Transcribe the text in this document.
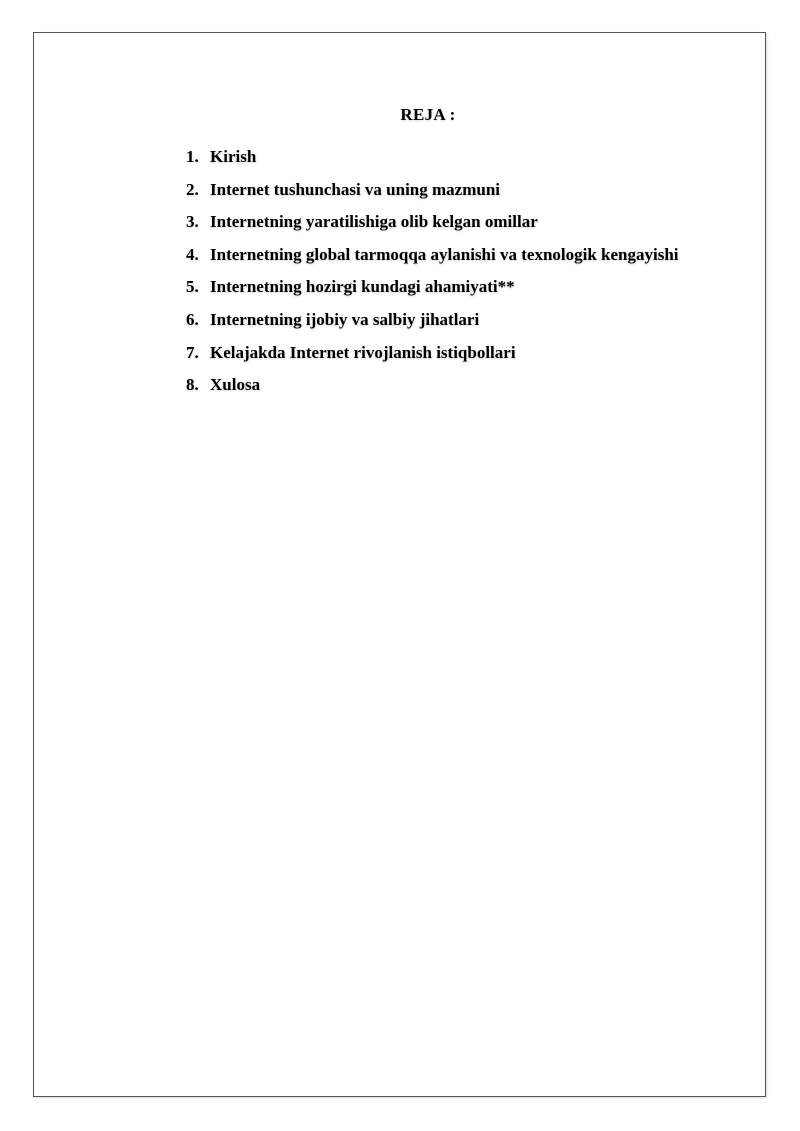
REJA :
1. Kirish
2. Internet tushunchasi va uning mazmuni
3. Internetning yaratilishiga olib kelgan omillar
4. Internetning global tarmoqqa aylanishi va texnologik kengayishi
5. Internetning hozirgi kundagi ahamiyati**
6. Internetning ijobiy va salbiy jihatlari
7. Kelajakda Internet rivojlanish istiqbollari
8. Xulosa
